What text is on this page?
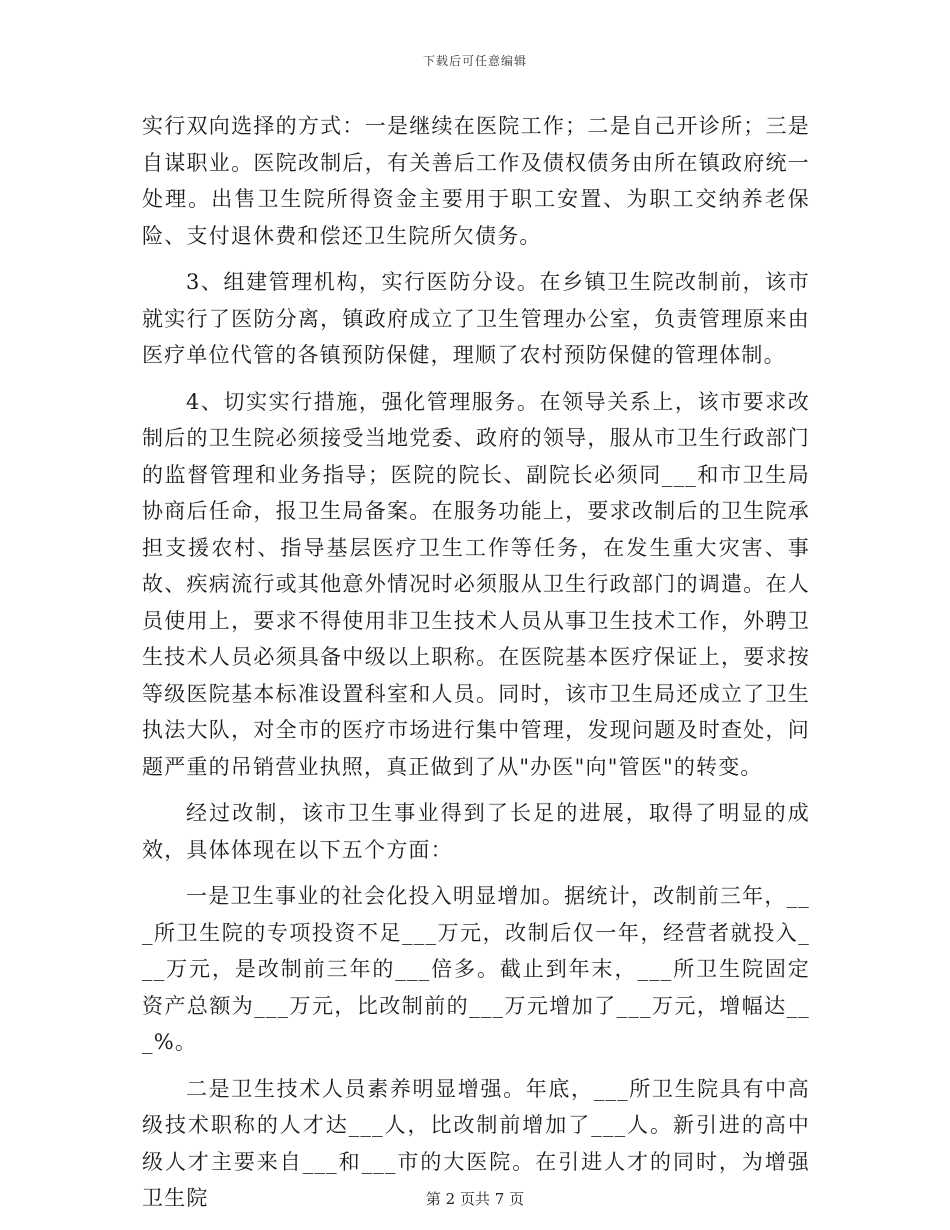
下载后可任意编辑

实行双向选择的方式：一是继续在医院工作；二是自己开诊所；三是自谋职业。医院改制后，有关善后工作及债权债务由所在镇政府统一处理。出售卫生院所得资金主要用于职工安置、为职工交纳养老保险、支付退休费和偿还卫生院所欠债务。

3、组建管理机构，实行医防分设。在乡镇卫生院改制前，该市就实行了医防分离，镇政府成立了卫生管理办公室，负责管理原来由医疗单位代管的各镇预防保健，理顺了农村预防保健的管理体制。

4、切实实行措施，强化管理服务。在领导关系上，该市要求改制后的卫生院必须接受当地党委、政府的领导，服从市卫生行政部门的监督管理和业务指导；医院的院长、副院长必须同___和市卫生局协商后任命，报卫生局备案。在服务功能上，要求改制后的卫生院承担支援农村、指导基层医疗卫生工作等任务，在发生重大灾害、事故、疾病流行或其他意外情况时必须服从卫生行政部门的调遣。在人员使用上，要求不得使用非卫生技术人员从事卫生技术工作，外聘卫生技术人员必须具备中级以上职称。在医院基本医疗保证上，要求按等级医院基本标准设置科室和人员。同时，该市卫生局还成立了卫生执法大队，对全市的医疗市场进行集中管理，发现问题及时查处，问题严重的吊销营业执照，真正做到了从"办医"向"管医"的转变。

经过改制，该市卫生事业得到了长足的进展，取得了明显的成效，具体体现在以下五个方面：

一是卫生事业的社会化投入明显增加。据统计，改制前三年，___所卫生院的专项投资不足___万元，改制后仅一年，经营者就投入___万元，是改制前三年的___倍多。截止到年末，___所卫生院固定资产总额为___万元，比改制前的___万元增加了___万元，增幅达___%。

二是卫生技术人员素养明显增强。年底，___所卫生院具有中高级技术职称的人才达___人，比改制前增加了___人。新引进的高中级人才主要来自___和___市的大医院。在引进人才的同时，为增强卫生院	第 2 页共 7 页
